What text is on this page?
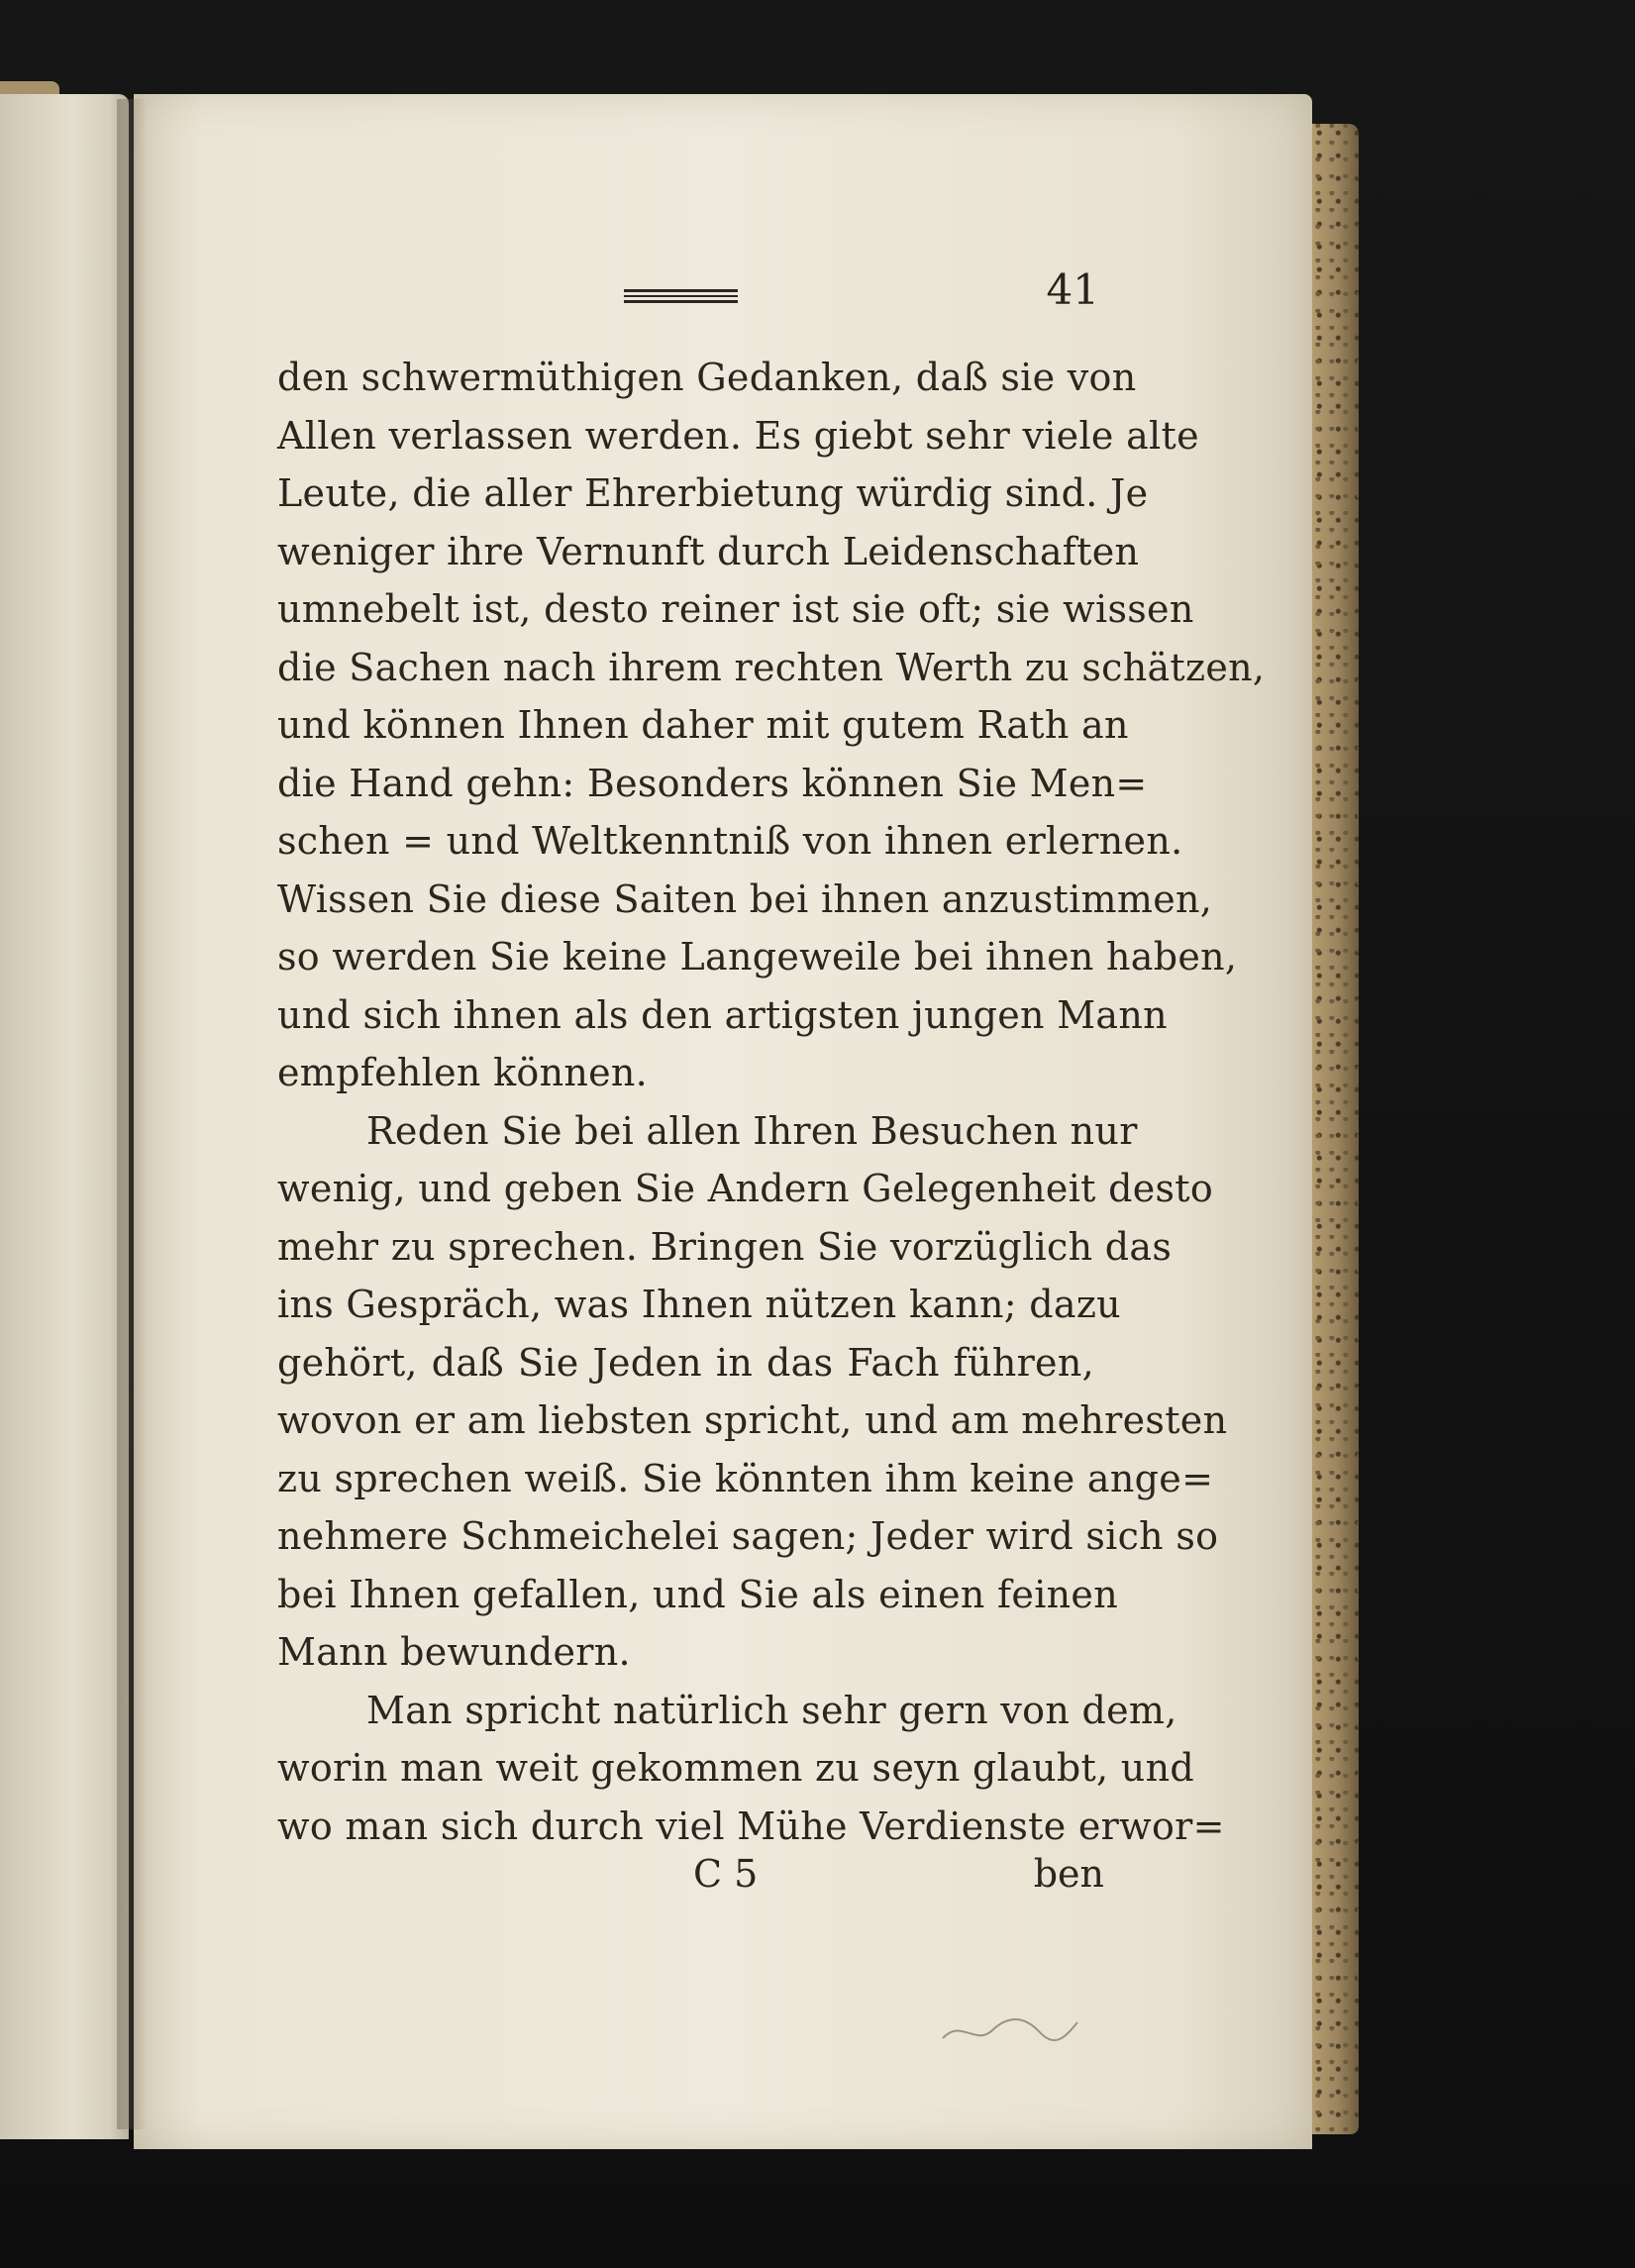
41
den schwermüthigen Gedanken, daß sie von
Allen verlassen werden. Es giebt sehr viele alte
Leute, die aller Ehrerbietung würdig sind. Je
weniger ihre Vernunft durch Leidenschaften
umnebelt ist, desto reiner ist sie oft; sie wissen
die Sachen nach ihrem rechten Werth zu schätzen,
und können Ihnen daher mit gutem Rath an
die Hand gehn: Besonders können Sie Men=
schen = und Weltkenntniß von ihnen erlernen.
Wissen Sie diese Saiten bei ihnen anzustimmen,
so werden Sie keine Langeweile bei ihnen haben,
und sich ihnen als den artigsten jungen Mann
empfehlen können.
Reden Sie bei allen Ihren Besuchen nur
wenig, und geben Sie Andern Gelegenheit desto
mehr zu sprechen. Bringen Sie vorzüglich das
ins Gespräch, was Ihnen nützen kann; dazu
gehört, daß Sie Jeden in das Fach führen,
wovon er am liebsten spricht, und am mehresten
zu sprechen weiß. Sie könnten ihm keine ange=
nehmere Schmeichelei sagen; Jeder wird sich so
bei Ihnen gefallen, und Sie als einen feinen
Mann bewundern.
Man spricht natürlich sehr gern von dem,
worin man weit gekommen zu seyn glaubt, und
wo man sich durch viel Mühe Verdienste erwor=
C 5	ben
